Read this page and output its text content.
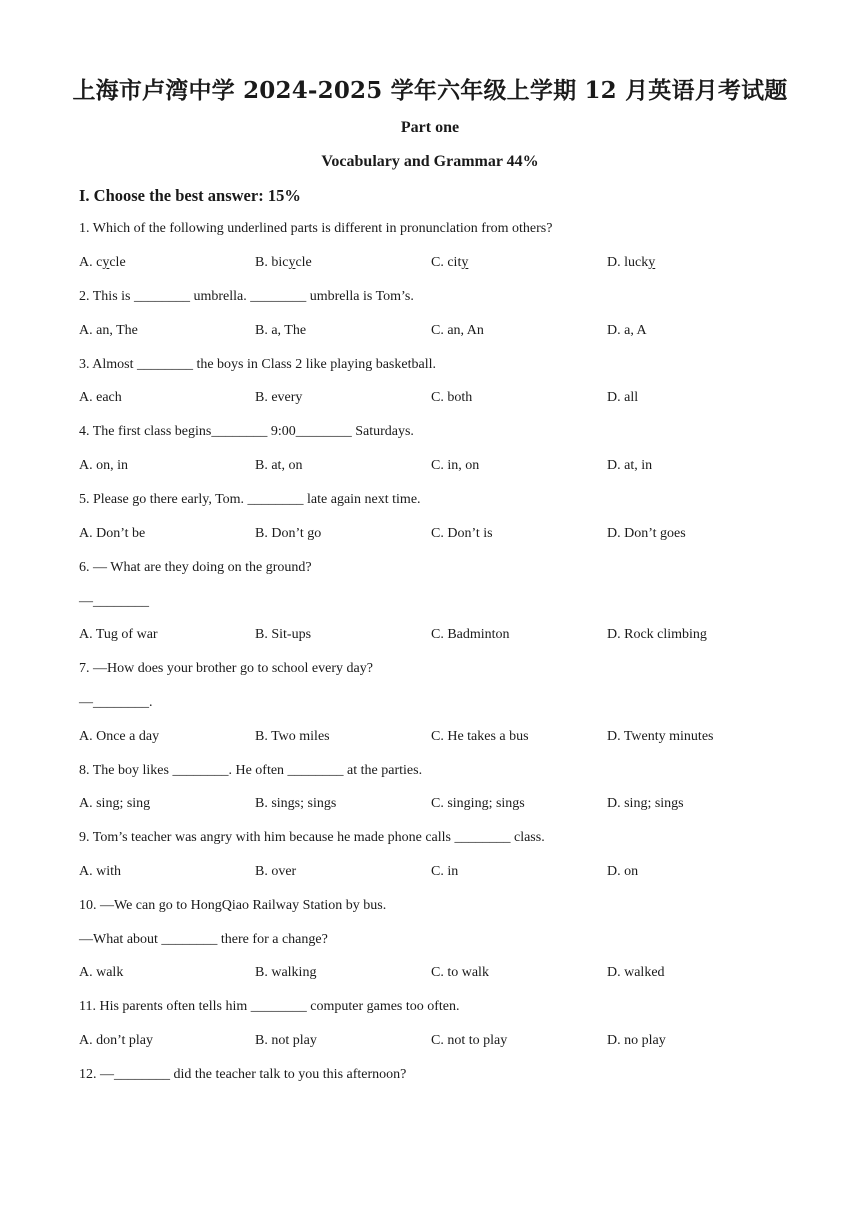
上海市卢湾中学 2024-2025 学年六年级上学期 12 月英语月考试题
Part one
Vocabulary and Grammar 44%
I. Choose the best answer: 15%
1. Which of the following underlined parts is different in pronunclation from others?
A. cycle	B. bicycle	C. city	D. lucky
2. This is ________ umbrella. ________ umbrella is Tom’s.
A. an, The	B. a, The	C. an, An	D. a, A
3. Almost ________ the boys in Class 2 like playing basketball.
A. each	B. every	C. both	D. all
4. The first class begins________ 9:00________ Saturdays.
A. on, in	B. at, on	C. in, on	D. at, in
5. Please go there early, Tom. ________ late again next time.
A. Don’t be	B. Don’t go	C. Don’t is	D. Don’t goes
6. — What are they doing on the ground?
—________
A. Tug of war	B. Sit-ups	C. Badminton	D. Rock climbing
7. —How does your brother go to school every day?
—________.
A. Once a day	B. Two miles	C. He takes a bus	D. Twenty minutes
8. The boy likes ________. He often ________ at the parties.
A. sing; sing	B. sings; sings	C. singing; sings	D. sing; sings
9. Tom’s teacher was angry with him because he made phone calls ________ class.
A. with	B. over	C. in	D. on
10. —We can go to HongQiao Railway Station by bus.
—What about ________ there for a change?
A. walk	B. walking	C. to walk	D. walked
11. His parents often tells him ________ computer games too often.
A. don’t play	B. not play	C. not to play	D. no play
12. —________ did the teacher talk to you this afternoon?
